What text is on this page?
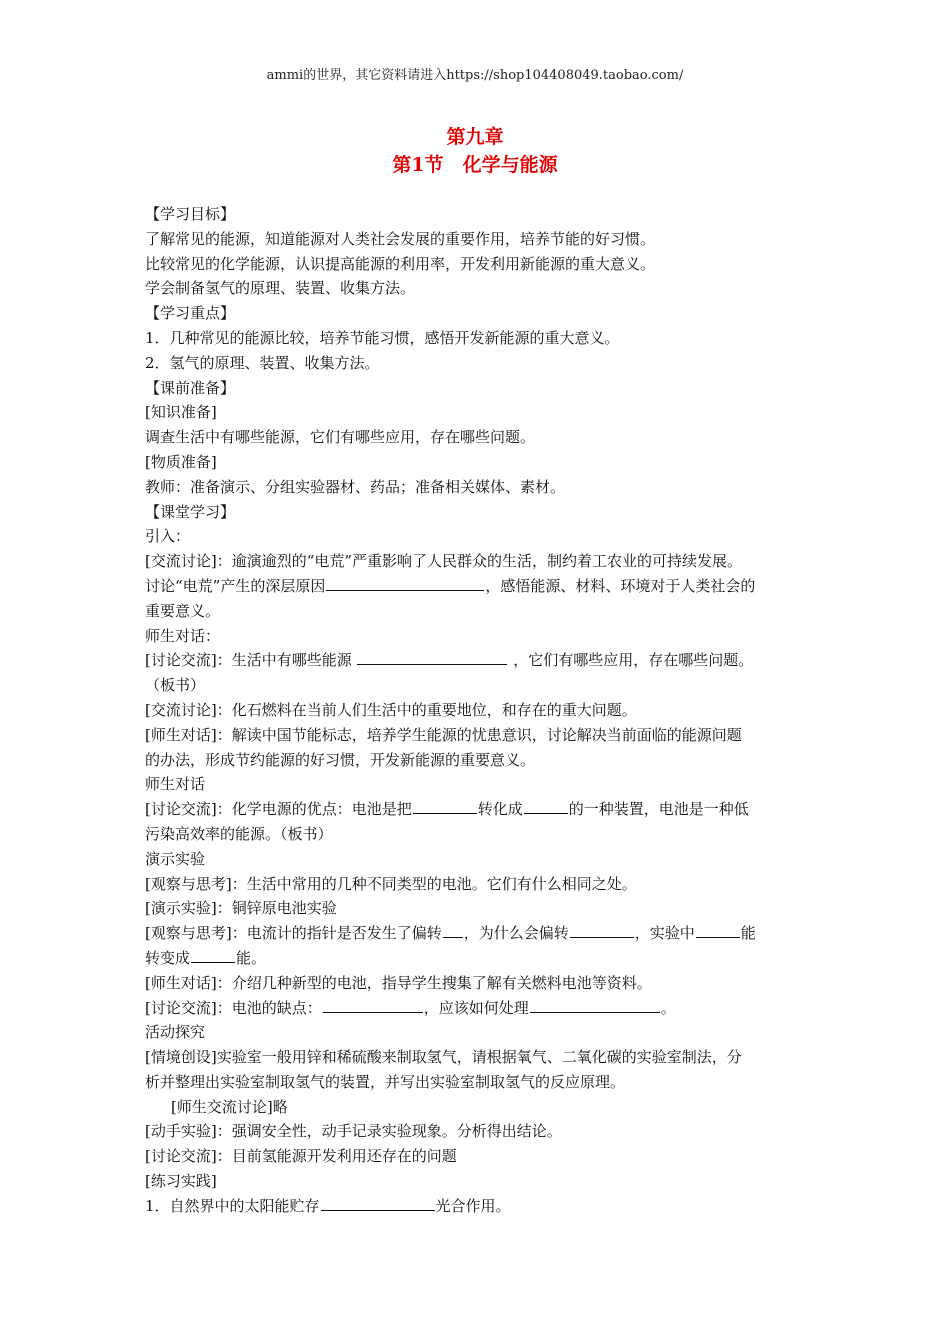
ammi的世界，其它资料请进入https://shop104408049.taobao.com/
第九章
第1节　化学与能源
【学习目标】
了解常见的能源，知道能源对人类社会发展的重要作用，培养节能的好习惯。
比较常见的化学能源，认识提高能源的利用率，开发利用新能源的重大意义。
学会制备氢气的原理、装置、收集方法。
【学习重点】
1．几种常见的能源比较，培养节能习惯，感悟开发新能源的重大意义。
2．氢气的原理、装置、收集方法。
【课前准备】
[知识准备]
调查生活中有哪些能源，它们有哪些应用，存在哪些问题。
[物质准备]
教师：准备演示、分组实验器材、药品；准备相关媒体、素材。
【课堂学习】
引入：
[交流讨论]：逾演逾烈的“电荒”严重影响了人民群众的生活，制约着工农业的可持续发展。
讨论“电荒”产生的深层原因	，感悟能源、材料、环境对于人类社会的
重要意义。
师生对话：
[讨论交流]：生活中有哪些能源	，它们有哪些应用，存在哪些问题。
（板书）
[交流讨论]：化石燃料在当前人们生活中的重要地位，和存在的重大问题。
[师生对话]：解读中国节能标志，培养学生能源的忧患意识，讨论解决当前面临的能源问题
的办法，形成节约能源的好习惯，开发新能源的重要意义。
师生对话
[讨论交流]：化学电源的优点：电池是把	转化成	的一种装置，电池是一种低
污染高效率的能源。（板书）
演示实验
[观察与思考]：生活中常用的几种不同类型的电池。它们有什么相同之处。
[演示实验]：铜锌原电池实验
[观察与思考]：电流计的指针是否发生了偏转 ，为什么会偏转	，实验中	能
转变成	能。
[师生对话]：介绍几种新型的电池，指导学生搜集了解有关燃料电池等资料。
[讨论交流]：电池的缺点：	，应该如何处理	。
活动探究
[情境创设]实验室一般用锌和稀硫酸来制取氢气，请根据氧气、二氧化碳的实验室制法，分
析并整理出实验室制取氢气的装置，并写出实验室制取氢气的反应原理。
[师生交流讨论]略
[动手实验]：强调安全性，动手记录实验现象。分析得出结论。
[讨论交流]：目前氢能源开发利用还存在的问题
[练习实践]
1．自然界中的太阳能贮存	光合作用。
